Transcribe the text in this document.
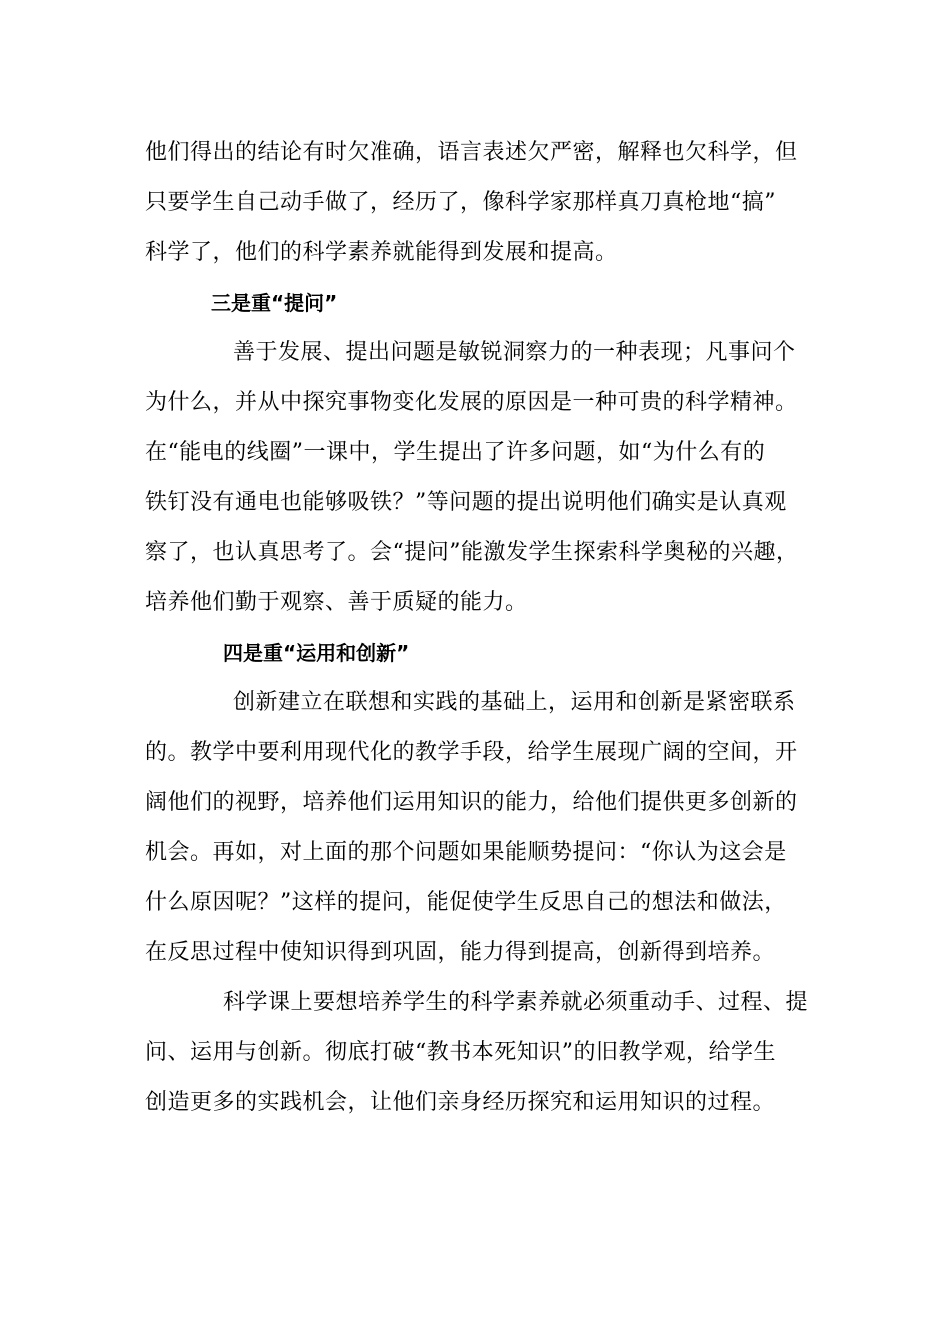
他们得出的结论有时欠准确，语言表述欠严密，解释也欠科学，但
只要学生自己动手做了，经历了，像科学家那样真刀真枪地“搞”
科学了，他们的科学素养就能得到发展和提高。
三是重“提问”
善于发展、提出问题是敏锐洞察力的一种表现；凡事问个
为什么，并从中探究事物变化发展的原因是一种可贵的科学精神。
在“能电的线圈”一课中，学生提出了许多问题，如“为什么有的
铁钉没有通电也能够吸铁？”等问题的提出说明他们确实是认真观
察了，也认真思考了。会“提问”能激发学生探索科学奥秘的兴趣，
培养他们勤于观察、善于质疑的能力。
四是重“运用和创新”
创新建立在联想和实践的基础上，运用和创新是紧密联系
的。教学中要利用现代化的教学手段，给学生展现广阔的空间，开
阔他们的视野，培养他们运用知识的能力，给他们提供更多创新的
机会。再如，对上面的那个问题如果能顺势提问：“你认为这会是
什么原因呢？”这样的提问，能促使学生反思自己的想法和做法，
在反思过程中使知识得到巩固，能力得到提高，创新得到培养。
科学课上要想培养学生的科学素养就必须重动手、过程、提
问、运用与创新。彻底打破“教书本死知识”的旧教学观，给学生
创造更多的实践机会，让他们亲身经历探究和运用知识的过程。
